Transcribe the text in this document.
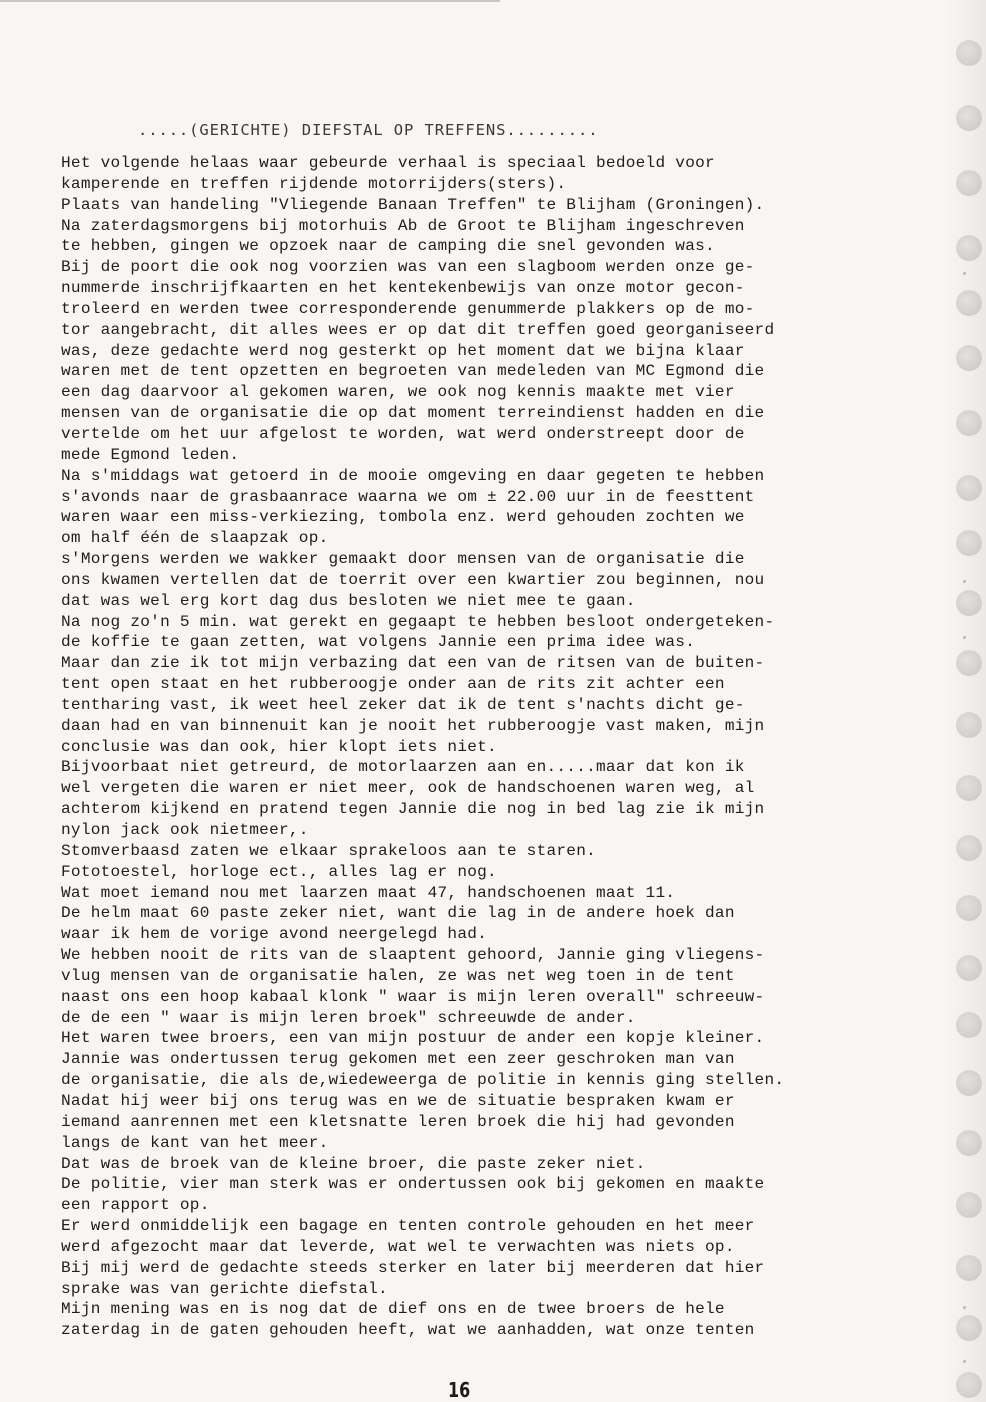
.....(GERICHTE) DIEFSTAL OP TREFFENS.........
Het volgende helaas waar gebeurde verhaal is speciaal bedoeld voor
kamperende en treffen rijdende motorrijders(sters).
Plaats van handeling "Vliegende Banaan Treffen" te Blijham (Groningen).
Na zaterdagsmorgens bij motorhuis Ab de Groot te Blijham ingeschreven
te hebben, gingen we opzoek naar de camping die snel gevonden was.
Bij de poort die ook nog voorzien was van een slagboom werden onze ge-
nummerde inschrijfkaarten en het kentekenbewijs van onze motor gecon-
troleerd en werden twee corresponderende genummerde plakkers op de mo-
tor aangebracht, dit alles wees er op dat dit treffen goed georganiseerd
was, deze gedachte werd nog gesterkt op het moment dat we bijna klaar
waren met de tent opzetten en begroeten van medeleden van MC Egmond die
een dag daarvoor al gekomen waren, we ook nog kennis maakte met vier
mensen van de organisatie die op dat moment terreindienst hadden en die
vertelde om het uur afgelost te worden, wat werd onderstreept door de
mede Egmond leden.
Na s'middags wat getoerd in de mooie omgeving en daar gegeten te hebben
s'avonds naar de grasbaanrace waarna we om ± 22.00 uur in de feesttent
waren waar een miss-verkiezing, tombola enz. werd gehouden zochten we
om half één de slaapzak op.
s'Morgens werden we wakker gemaakt door mensen van de organisatie die
ons kwamen vertellen dat de toerrit over een kwartier zou beginnen, nou
dat was wel erg kort dag dus besloten we niet mee te gaan.
Na nog zo'n 5 min. wat gerekt en gegaapt te hebben besloot ondergeteken-
de koffie te gaan zetten, wat volgens Jannie een prima idee was.
Maar dan zie ik tot mijn verbazing dat een van de ritsen van de buiten-
tent open staat en het rubberoogje onder aan de rits zit achter een
tentharing vast, ik weet heel zeker dat ik de tent s'nachts dicht ge-
daan had en van binnenuit kan je nooit het rubberoogje vast maken, mijn
conclusie was dan ook, hier klopt iets niet.
Bijvoorbaat niet getreurd, de motorlaarzen aan en.....maar dat kon ik
wel vergeten die waren er niet meer, ook de handschoenen waren weg, al
achterom kijkend en pratend tegen Jannie die nog in bed lag zie ik mijn
nylon jack ook nietmeer,.
Stomverbaasd zaten we elkaar sprakeloos aan te staren.
Fototoestel, horloge ect., alles lag er nog.
Wat moet iemand nou met laarzen maat 47, handschoenen maat 11.
De helm maat 60 paste zeker niet, want die lag in de andere hoek dan
waar ik hem de vorige avond neergelegd had.
We hebben nooit de rits van de slaaptent gehoord, Jannie ging vliegens-
vlug mensen van de organisatie halen, ze was net weg toen in de tent
naast ons een hoop kabaal klonk " waar is mijn leren overall" schreeuw-
de de een " waar is mijn leren broek" schreeuwde de ander.
Het waren twee broers, een van mijn postuur de ander een kopje kleiner.
Jannie was ondertussen terug gekomen met een zeer geschroken man van
de organisatie, die als de,wiedeweerga de politie in kennis ging stellen.
Nadat hij weer bij ons terug was en we de situatie bespraken kwam er
iemand aanrennen met een kletsnatte leren broek die hij had gevonden
langs de kant van het meer.
Dat was de broek van de kleine broer, die paste zeker niet.
De politie, vier man sterk was er ondertussen ook bij gekomen en maakte
een rapport op.
Er werd onmiddelijk een bagage en tenten controle gehouden en het meer
werd afgezocht maar dat leverde, wat wel te verwachten was niets op.
Bij mij werd de gedachte steeds sterker en later bij meerderen dat hier
sprake was van gerichte diefstal.
Mijn mening was en is nog dat de dief ons en de twee broers de hele
zaterdag in de gaten gehouden heeft, wat we aanhadden, wat onze tenten
16
